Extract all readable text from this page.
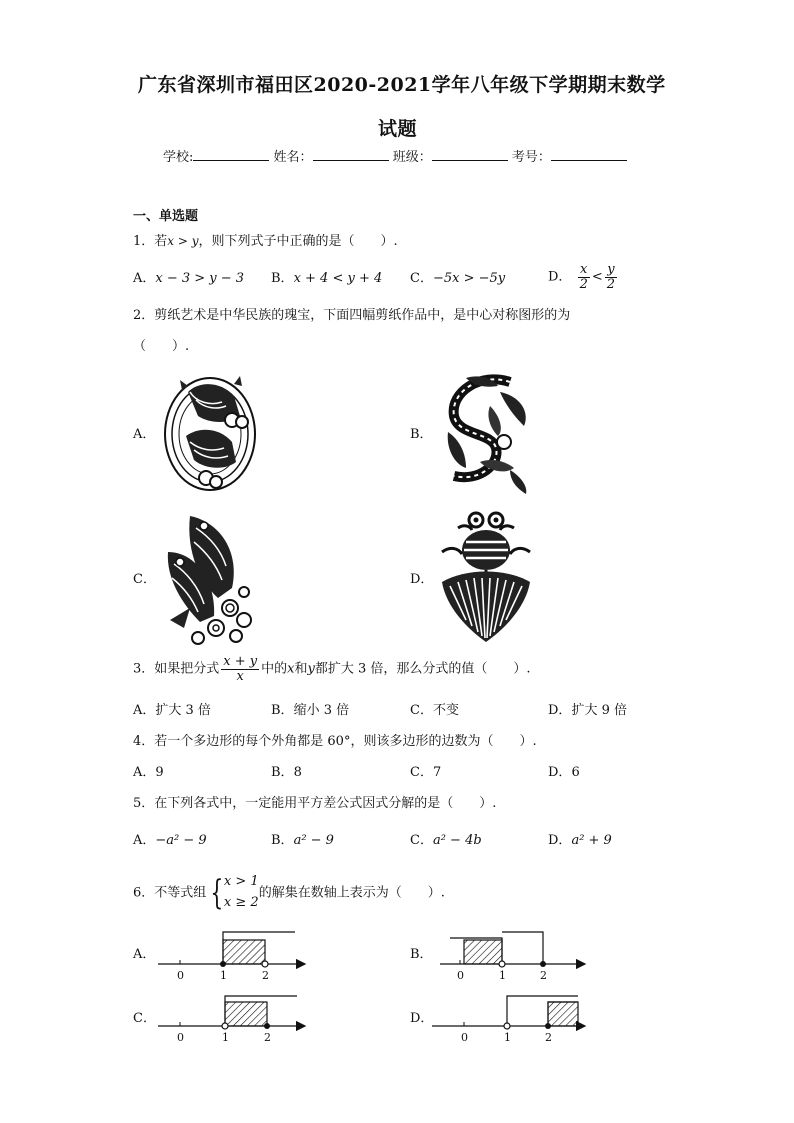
广东省深圳市福田区2020-2021学年八年级下学期期末数学
试题
学校:	姓名：	班级：	考号：
一、单选题
1．若x > y，则下列式子中正确的是（　　）.
A．x − 3 > y − 3 B．x + 4 < y + 4 C．−5x > −5y	D． $\frac{x}{2} < \frac{y}{2}$
2．剪纸艺术是中华民族的瑰宝，下面四幅剪纸作品中，是中心对称图形的为
（　　）.
A．	B．
C．	D．
3．如果把分式 $\frac{x + y}{x}$ 中的x和y都扩大 3 倍，那么分式的值（　　）.
A．扩大 3 倍	B．缩小 3 倍	C．不变	D．扩大 9 倍
4．若一个多边形的每个外角都是 60°，则该多边形的边数为（　　）.
A．9	B．8	C．7	D．6
5．在下列各式中，一定能用平方差公式因式分解的是（　　）.
A．−a² − 9	B．a² − 9	C．a² − 4b	D．a² + 9
6．不等式组 { x > 1
x ≥ 2
的解集在数轴上表示为（　　）.
A．	B．
C．	D．
0	1	2	0	1	2
0	1	2	0	1	2
